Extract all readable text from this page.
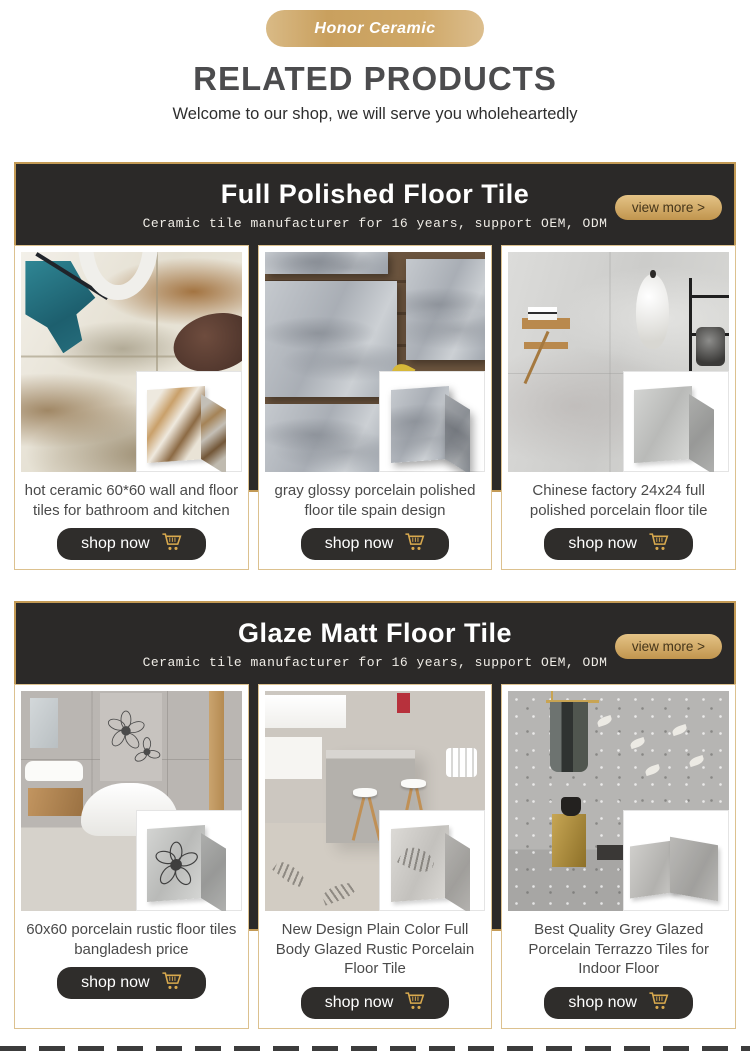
Honor Ceramic
RELATED PRODUCTS

Welcome to our shop, we will serve you wholeheartedly

Full Polished Floor Tile
Ceramic tile manufacturer for 16 years, support OEM, ODM
view more >

hot ceramic 60*60 wall and floor tiles for bathroom and kitchen

shop now

gray glossy porcelain polished floor tile spain design

shop now

Chinese factory 24x24 full polished porcelain floor tile

shop now
Glaze Matt Floor Tile
Ceramic tile manufacturer for 16 years, support OEM, ODM
view more >

60x60 porcelain rustic floor tiles bangladesh price

shop now

New Design Plain Color Full Body Glazed Rustic Porcelain Floor Tile

shop now

Best Quality Grey Glazed Porcelain Terrazzo Tiles for Indoor Floor

shop now
